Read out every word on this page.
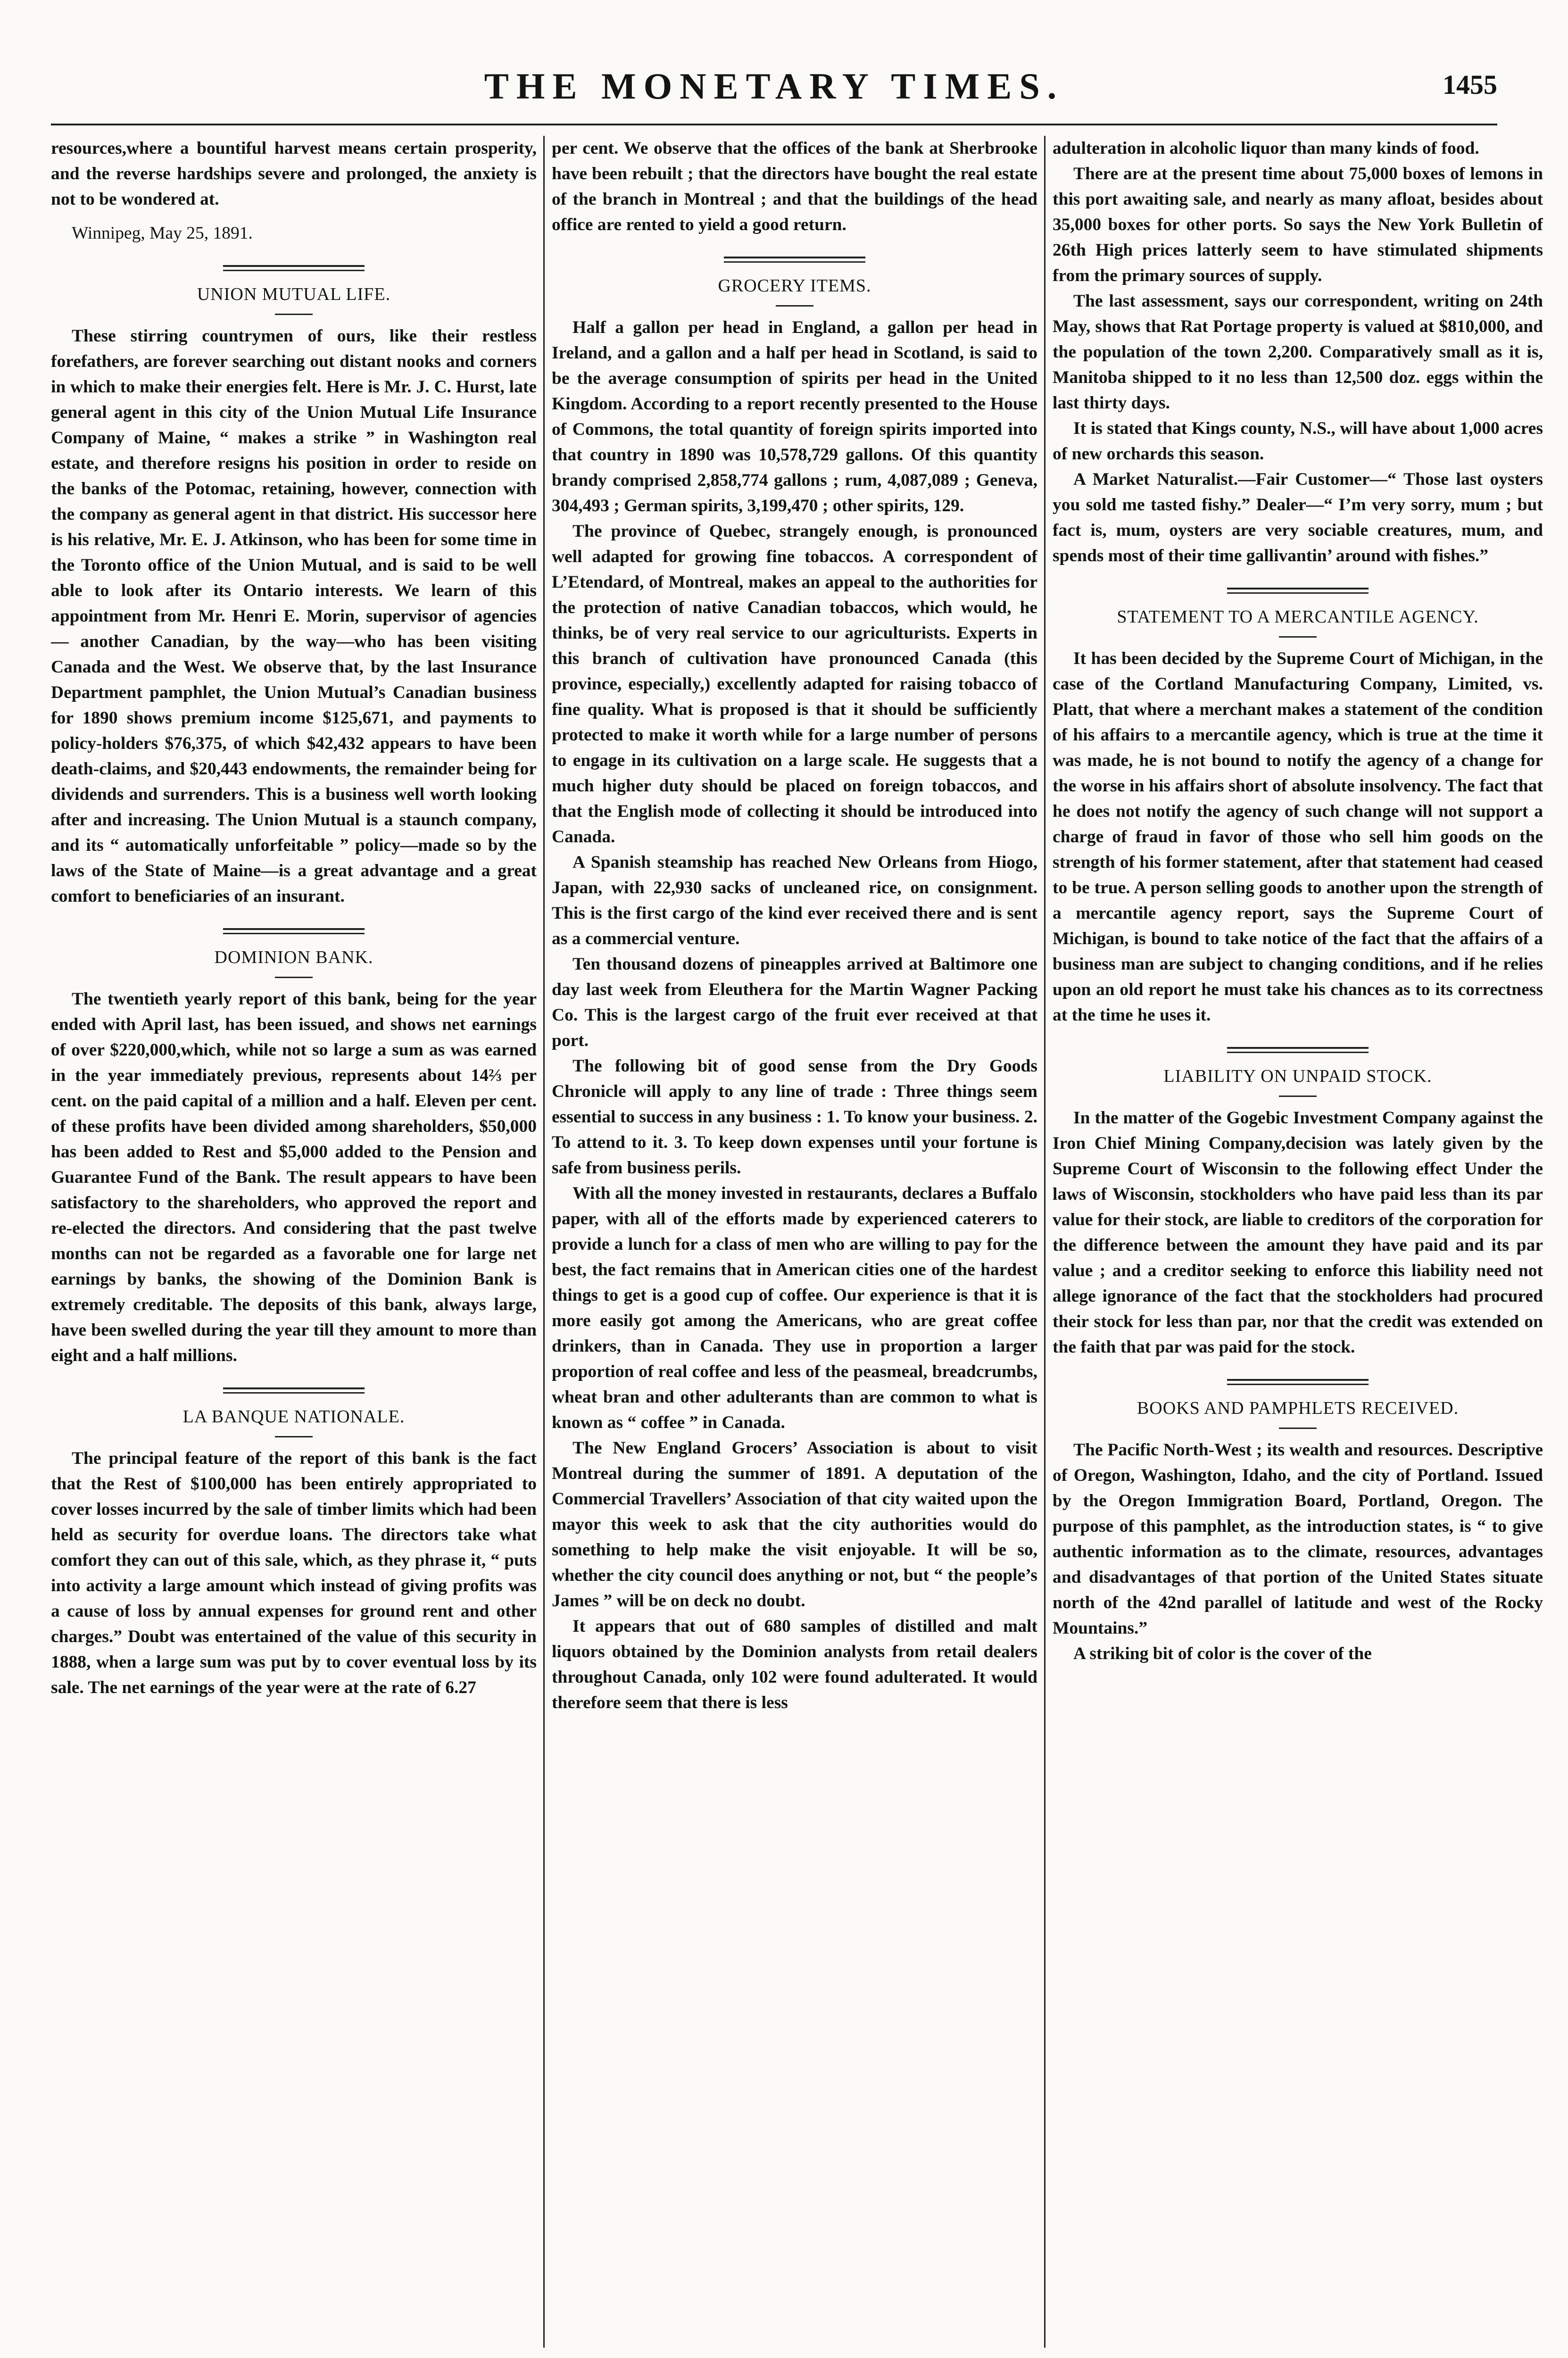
THE MONETARY TIMES.	1455

resources,where a bountiful harvest means certain prosperity, and the reverse hardships severe and prolonged, the anxiety is not to be wondered at.

Winnipeg, May 25, 1891.

UNION MUTUAL LIFE.

These stirring countrymen of ours, like their restless forefathers, are forever searching out distant nooks and corners in which to make their energies felt. Here is Mr. J. C. Hurst, late general agent in this city of the Union Mutual Life Insurance Company of Maine, “ makes a strike ” in Washington real estate, and therefore resigns his position in order to reside on the banks of the Potomac, retaining, however, connection with the company as general agent in that district. His successor here is his relative, Mr. E. J. Atkinson, who has been for some time in the Toronto office of the Union Mutual, and is said to be well able to look after its Ontario interests. We learn of this appointment from Mr. Henri E. Morin, supervisor of agencies — another Canadian, by the way—who has been visiting Canada and the West. We observe that, by the last Insurance Department pamphlet, the Union Mutual’s Canadian business for 1890 shows premium income $125,671, and payments to policy-holders $76,375, of which $42,432 appears to have been death-claims, and $20,443 endowments, the remainder being for dividends and surrenders. This is a business well worth looking after and increasing. The Union Mutual is a staunch company, and its “ automatically unforfeitable ” policy—made so by the laws of the State of Maine—is a great advantage and a great comfort to beneficiaries of an insurant.

DOMINION BANK.

The twentieth yearly report of this bank, being for the year ended with April last, has been issued, and shows net earnings of over $220,000,which, while not so large a sum as was earned in the year immediately previous, represents about 14⅔ per cent. on the paid capital of a million and a half. Eleven per cent. of these profits have been divided among shareholders, $50,000 has been added to Rest and $5,000 added to the Pension and Guarantee Fund of the Bank. The result appears to have been satisfactory to the shareholders, who approved the report and re-elected the directors. And considering that the past twelve months can not be regarded as a favorable one for large net earnings by banks, the showing of the Dominion Bank is extremely creditable. The deposits of this bank, always large, have been swelled during the year till they amount to more than eight and a half millions.

LA BANQUE NATIONALE.

The principal feature of the report of this bank is the fact that the Rest of $100,000 has been entirely appropriated to cover losses incurred by the sale of timber limits which had been held as security for overdue loans. The directors take what comfort they can out of this sale, which, as they phrase it, “ puts into activity a large amount which instead of giving profits was a cause of loss by annual expenses for ground rent and other charges.” Doubt was entertained of the value of this security in 1888, when a large sum was put by to cover eventual loss by its sale. The net earnings of the year were at the rate of 6.27

per cent. We observe that the offices of the bank at Sherbrooke have been rebuilt ; that the directors have bought the real estate of the branch in Montreal ; and that the buildings of the head office are rented to yield a good return.

GROCERY ITEMS.

Half a gallon per head in England, a gallon per head in Ireland, and a gallon and a half per head in Scotland, is said to be the average consumption of spirits per head in the United Kingdom. According to a report recently presented to the House of Commons, the total quantity of foreign spirits imported into that country in 1890 was 10,578,729 gallons. Of this quantity brandy comprised 2,858,774 gallons ; rum, 4,087,089 ; Geneva, 304,493 ; German spirits, 3,199,470 ; other spirits, 129.

The province of Quebec, strangely enough, is pronounced well adapted for growing fine tobaccos. A correspondent of L’Etendard, of Montreal, makes an appeal to the authorities for the protection of native Canadian tobaccos, which would, he thinks, be of very real service to our agriculturists. Experts in this branch of cultivation have pronounced Canada (this province, especially,) excellently adapted for raising tobacco of fine quality. What is proposed is that it should be sufficiently protected to make it worth while for a large number of persons to engage in its cultivation on a large scale. He suggests that a much higher duty should be placed on foreign tobaccos, and that the English mode of collecting it should be introduced into Canada.

A Spanish steamship has reached New Orleans from Hiogo, Japan, with 22,930 sacks of uncleaned rice, on consignment. This is the first cargo of the kind ever received there and is sent as a commercial venture.

Ten thousand dozens of pineapples arrived at Baltimore one day last week from Eleuthera for the Martin Wagner Packing Co. This is the largest cargo of the fruit ever received at that port.

The following bit of good sense from the Dry Goods Chronicle will apply to any line of trade : Three things seem essential to success in any business : 1. To know your business. 2. To attend to it. 3. To keep down expenses until your fortune is safe from business perils.

With all the money invested in restaurants, declares a Buffalo paper, with all of the efforts made by experienced caterers to provide a lunch for a class of men who are willing to pay for the best, the fact remains that in American cities one of the hardest things to get is a good cup of coffee. Our experience is that it is more easily got among the Americans, who are great coffee drinkers, than in Canada. They use in proportion a larger proportion of real coffee and less of the peasmeal, breadcrumbs, wheat bran and other adulterants than are common to what is known as “ coffee ” in Canada.

The New England Grocers’ Association is about to visit Montreal during the summer of 1891. A deputation of the Commercial Travellers’ Association of that city waited upon the mayor this week to ask that the city authorities would do something to help make the visit enjoyable. It will be so, whether the city council does anything or not, but “ the people’s James ” will be on deck no doubt.

It appears that out of 680 samples of distilled and malt liquors obtained by the Dominion analysts from retail dealers throughout Canada, only 102 were found adulterated. It would therefore seem that there is less

adulteration in alcoholic liquor than many kinds of food.

There are at the present time about 75,000 boxes of lemons in this port awaiting sale, and nearly as many afloat, besides about 35,000 boxes for other ports. So says the New York Bulletin of 26th High prices latterly seem to have stimulated shipments from the primary sources of supply.

The last assessment, says our correspondent, writing on 24th May, shows that Rat Portage property is valued at $810,000, and the population of the town 2,200. Comparatively small as it is, Manitoba shipped to it no less than 12,500 doz. eggs within the last thirty days.

It is stated that Kings county, N.S., will have about 1,000 acres of new orchards this season.

A Market Naturalist.—Fair Customer—“ Those last oysters you sold me tasted fishy.” Dealer—“ I’m very sorry, mum ; but fact is, mum, oysters are very sociable creatures, mum, and spends most of their time gallivantin’ around with fishes.”

STATEMENT TO A MERCANTILE AGENCY.

It has been decided by the Supreme Court of Michigan, in the case of the Cortland Manufacturing Company, Limited, vs. Platt, that where a merchant makes a statement of the condition of his affairs to a mercantile agency, which is true at the time it was made, he is not bound to notify the agency of a change for the worse in his affairs short of absolute insolvency. The fact that he does not notify the agency of such change will not support a charge of fraud in favor of those who sell him goods on the strength of his former statement, after that statement had ceased to be true. A person selling goods to another upon the strength of a mercantile agency report, says the Supreme Court of Michigan, is bound to take notice of the fact that the affairs of a business man are subject to changing conditions, and if he relies upon an old report he must take his chances as to its correctness at the time he uses it.

LIABILITY ON UNPAID STOCK.

In the matter of the Gogebic Investment Company against the Iron Chief Mining Company,decision was lately given by the Supreme Court of Wisconsin to the following effect Under the laws of Wisconsin, stockholders who have paid less than its par value for their stock, are liable to creditors of the corporation for the difference between the amount they have paid and its par value ; and a creditor seeking to enforce this liability need not allege ignorance of the fact that the stockholders had procured their stock for less than par, nor that the credit was extended on the faith that par was paid for the stock.

BOOKS AND PAMPHLETS RECEIVED.

The Pacific North-West ; its wealth and resources. Descriptive of Oregon, Washington, Idaho, and the city of Portland. Issued by the Oregon Immigration Board, Portland, Oregon. The purpose of this pamphlet, as the introduction states, is “ to give authentic information as to the climate, resources, advantages and disadvantages of that portion of the United States situate north of the 42nd parallel of latitude and west of the Rocky Mountains.”

A striking bit of color is the cover of the
